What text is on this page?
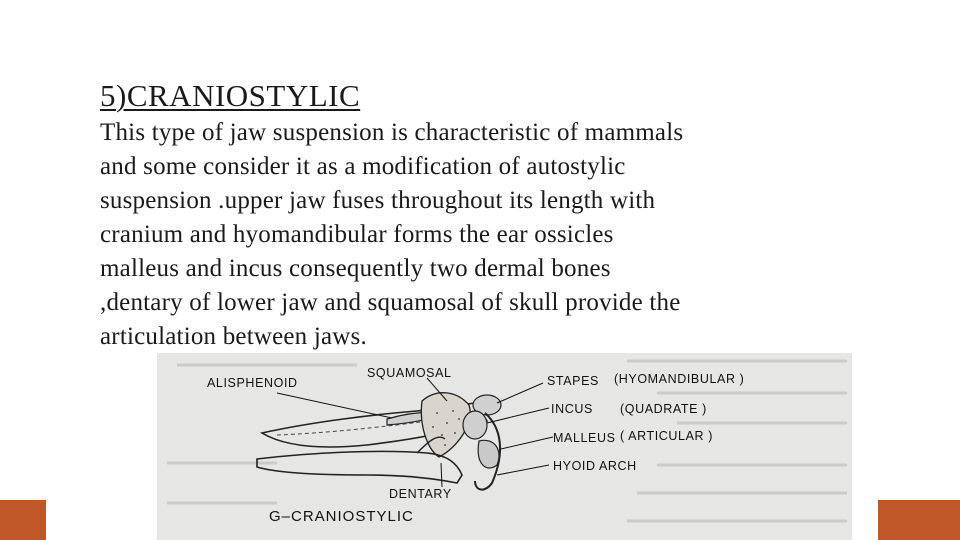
5)CRANIOSTYLIC
This type of jaw suspension is characteristic of mammals
and some consider it as a modification of autostylic
suspension .upper jaw fuses throughout its length with
cranium and hyomandibular forms the ear ossicles
malleus and incus consequently two dermal bones
,dentary of lower jaw and squamosal of skull provide the
articulation between jaws.
ALISPHENOID
SQUAMOSAL
STAPES (HYOMANDIBULAR )
INCUS (QUADRATE )
MALLEUS ( ARTICULAR )
HYOID ARCH
DENTARY
G–CRANIOSTYLIC
